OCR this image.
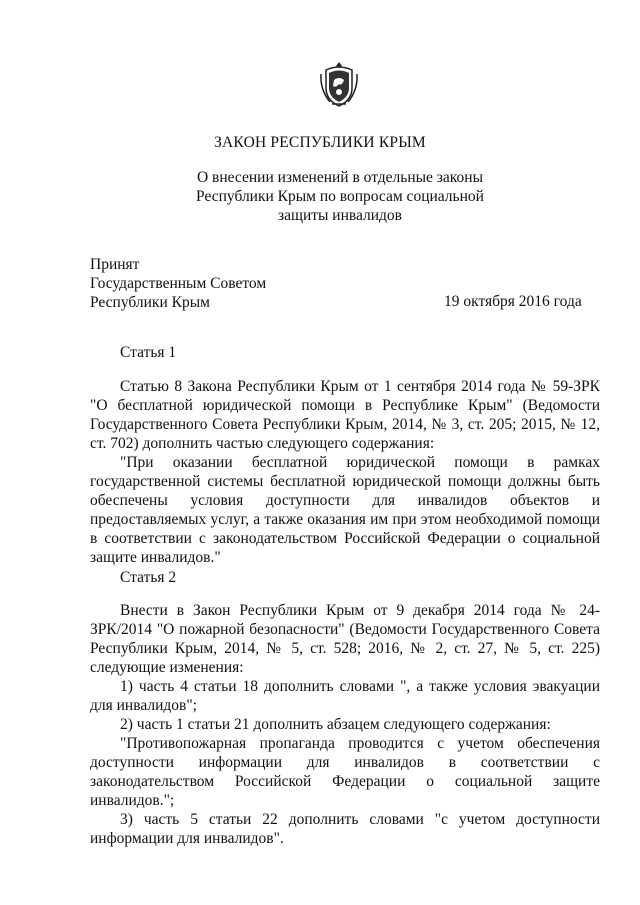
ЗАКОН РЕСПУБЛИКИ КРЫМ
О внесении изменений в отдельные законы
Республики Крым по вопросам социальной
защиты инвалидов
Принят
Государственным Советом
Республики Крым	19 октября 2016 года
Статья 1

Статью 8 Закона Республики Крым от 1 сентября 2014 года № 59-ЗРК "О бесплатной юридической помощи в Республике Крым" (Ведомости Государственного Совета Республики Крым, 2014, № 3, ст. 205; 2015, № 12, ст. 702) дополнить частью следующего содержания:

"При оказании бесплатной юридической помощи в рамках государственной системы бесплатной юридической помощи должны быть обеспечены условия доступности для инвалидов объектов и предоставляемых услуг, а также оказания им при этом необходимой помощи в соответствии с законодательством Российской Федерации о социальной защите инвалидов."

Статья 2

Внести в Закон Республики Крым от 9 декабря 2014 года № 24-ЗРК/2014 "О пожарной безопасности" (Ведомости Государственного Совета Республики Крым, 2014, № 5, ст. 528; 2016, № 2, ст. 27, № 5, ст. 225) следующие изменения:

1) часть 4 статьи 18 дополнить словами ", а также условия эвакуации для инвалидов";

2) часть 1 статьи 21 дополнить абзацем следующего содержания:

"Противопожарная пропаганда проводится с учетом обеспечения доступности информации для инвалидов в соответствии с законодательством Российской Федерации о социальной защите инвалидов.";

3) часть 5 статьи 22 дополнить словами "с учетом доступности информации для инвалидов".
